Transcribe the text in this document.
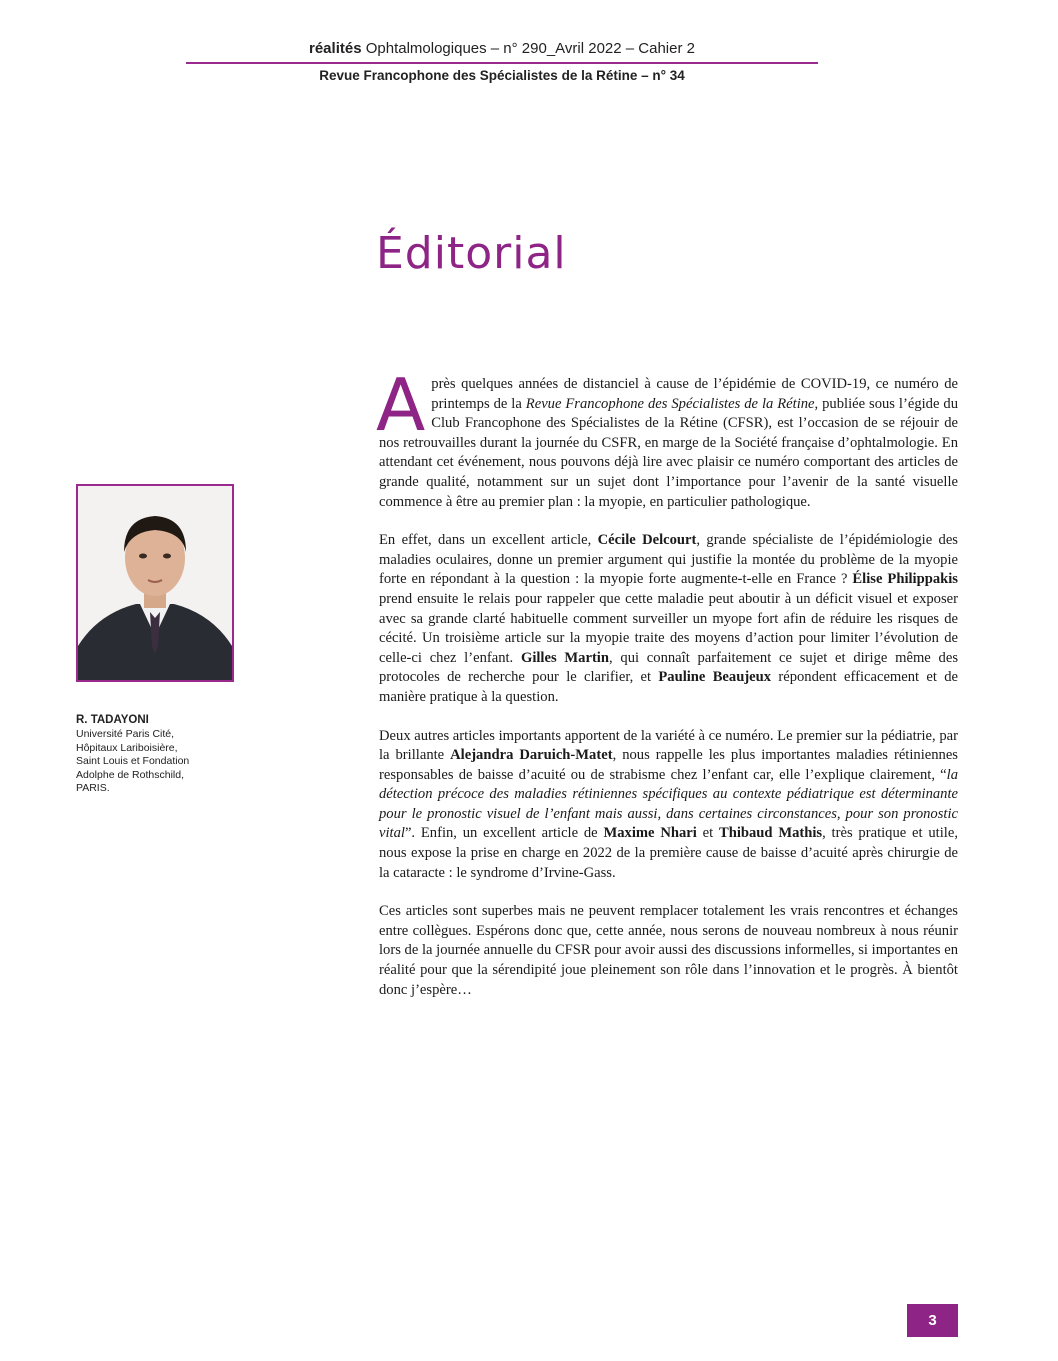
réalités Ophtalmologiques – n° 290_Avril 2022 – Cahier 2
Revue Francophone des Spécialistes de la Rétine – n° 34
Éditorial
R. TADAYONI
Université Paris Cité,
Hôpitaux Lariboisière,
Saint Louis et Fondation
Adolphe de Rothschild,
PARIS.

Après quelques années de distanciel à cause de l’épidémie de COVID-19, ce numéro de printemps de la Revue Francophone des Spécialistes de la Rétine, publiée sous l’égide du Club Francophone des Spécialistes de la Rétine (CFSR), est l’occasion de se réjouir de nos retrouvailles durant la journée du CSFR, en marge de la Société française d’ophtalmologie. En attendant cet événement, nous pouvons déjà lire avec plaisir ce numéro comportant des articles de grande qualité, notamment sur un sujet dont l’importance pour l’avenir de la santé visuelle commence à être au premier plan : la myopie, en particulier pathologique.

En effet, dans un excellent article, Cécile Delcourt, grande spécialiste de l’épidémiologie des maladies oculaires, donne un premier argument qui justifie la montée du problème de la myopie forte en répondant à la question : la myopie forte augmente-t-elle en France ? Élise Philippakis prend ensuite le relais pour rappeler que cette maladie peut aboutir à un déficit visuel et exposer avec sa grande clarté habituelle comment surveiller un myope fort afin de réduire les risques de cécité. Un troisième article sur la myopie traite des moyens d’action pour limiter l’évolution de celle-ci chez l’enfant. Gilles Martin, qui connaît parfaitement ce sujet et dirige même des protocoles de recherche pour le clarifier, et Pauline Beaujeux répondent efficacement et de manière pratique à la question.

Deux autres articles importants apportent de la variété à ce numéro. Le premier sur la pédiatrie, par la brillante Alejandra Daruich-Matet, nous rappelle les plus importantes maladies rétiniennes responsables de baisse d’acuité ou de strabisme chez l’enfant car, elle l’explique clairement, “la détection précoce des maladies rétiniennes spécifiques au contexte pédiatrique est déterminante pour le pronostic visuel de l’enfant mais aussi, dans certaines circonstances, pour son pronostic vital”. Enfin, un excellent article de Maxime Nhari et Thibaud Mathis, très pratique et utile, nous expose la prise en charge en 2022 de la première cause de baisse d’acuité après chirurgie de la cataracte : le syndrome d’Irvine-Gass.

Ces articles sont superbes mais ne peuvent remplacer totalement les vrais rencontres et échanges entre collègues. Espérons donc que, cette année, nous serons de nouveau nombreux à nous réunir lors de la journée annuelle du CFSR pour avoir aussi des discussions informelles, si importantes en réalité pour que la sérendipité joue pleinement son rôle dans l’innovation et le progrès. À bientôt donc j’espère…

3
